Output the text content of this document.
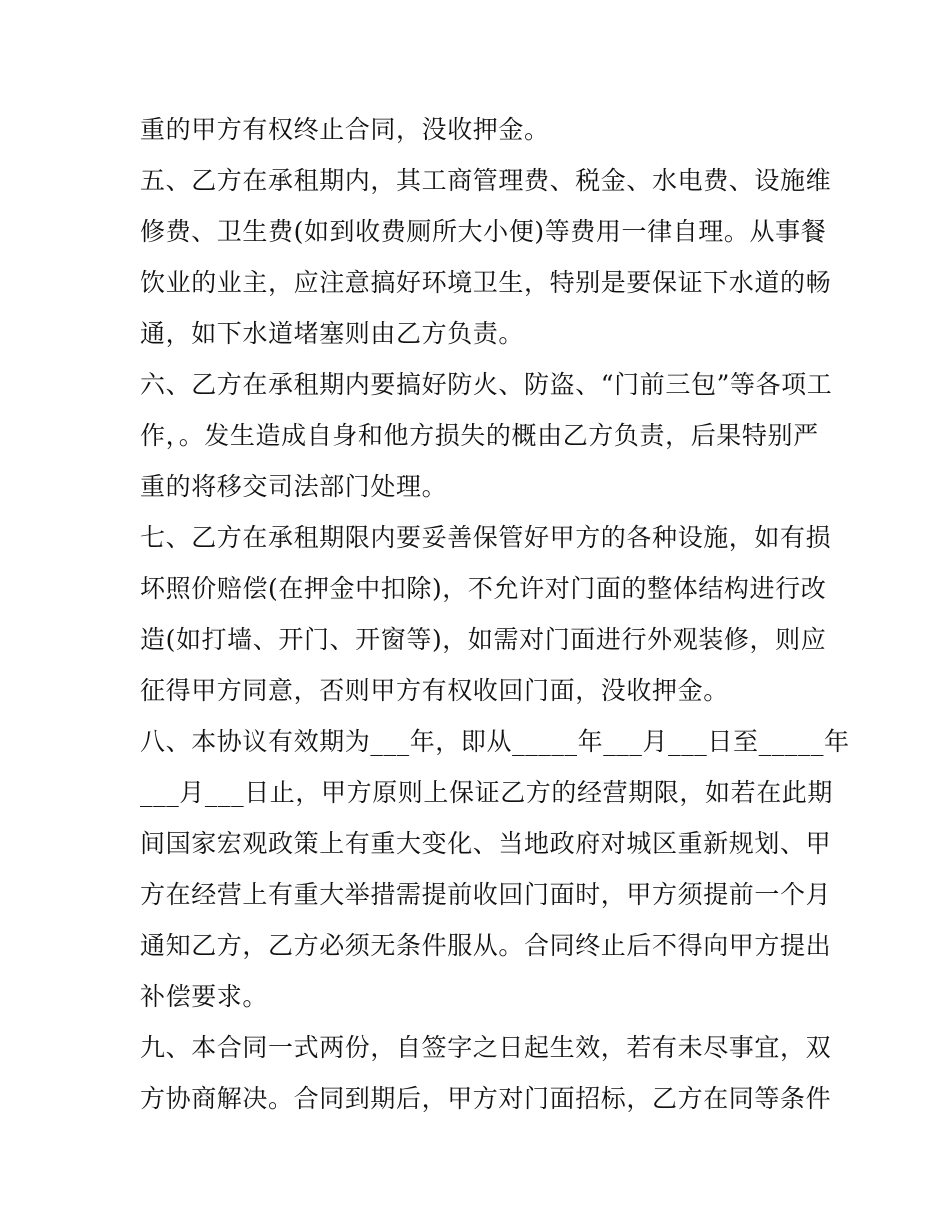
重的甲方有权终止合同，没收押金。
五、乙方在承租期内，其工商管理费、税金、水电费、设施维
修费、卫生费(如到收费厕所大小便)等费用一律自理。从事餐
饮业的业主，应注意搞好环境卫生，特别是要保证下水道的畅
通，如下水道堵塞则由乙方负责。
六、乙方在承租期内要搞好防火、防盗、“门前三包”等各项工
作，。发生造成自身和他方损失的概由乙方负责，后果特别严
重的将移交司法部门处理。
七、乙方在承租期限内要妥善保管好甲方的各种设施，如有损
坏照价赔偿(在押金中扣除)，不允许对门面的整体结构进行改
造(如打墙、开门、开窗等)，如需对门面进行外观装修，则应
征得甲方同意，否则甲方有权收回门面，没收押金。
八、本协议有效期为___年，即从_____年___月___日至_____年
___月___日止，甲方原则上保证乙方的经营期限，如若在此期
间国家宏观政策上有重大变化、当地政府对城区重新规划、甲
方在经营上有重大举措需提前收回门面时，甲方须提前一个月
通知乙方，乙方必须无条件服从。合同终止后不得向甲方提出
补偿要求。
九、本合同一式两份，自签字之日起生效，若有未尽事宜，双
方协商解决。合同到期后，甲方对门面招标，乙方在同等条件
